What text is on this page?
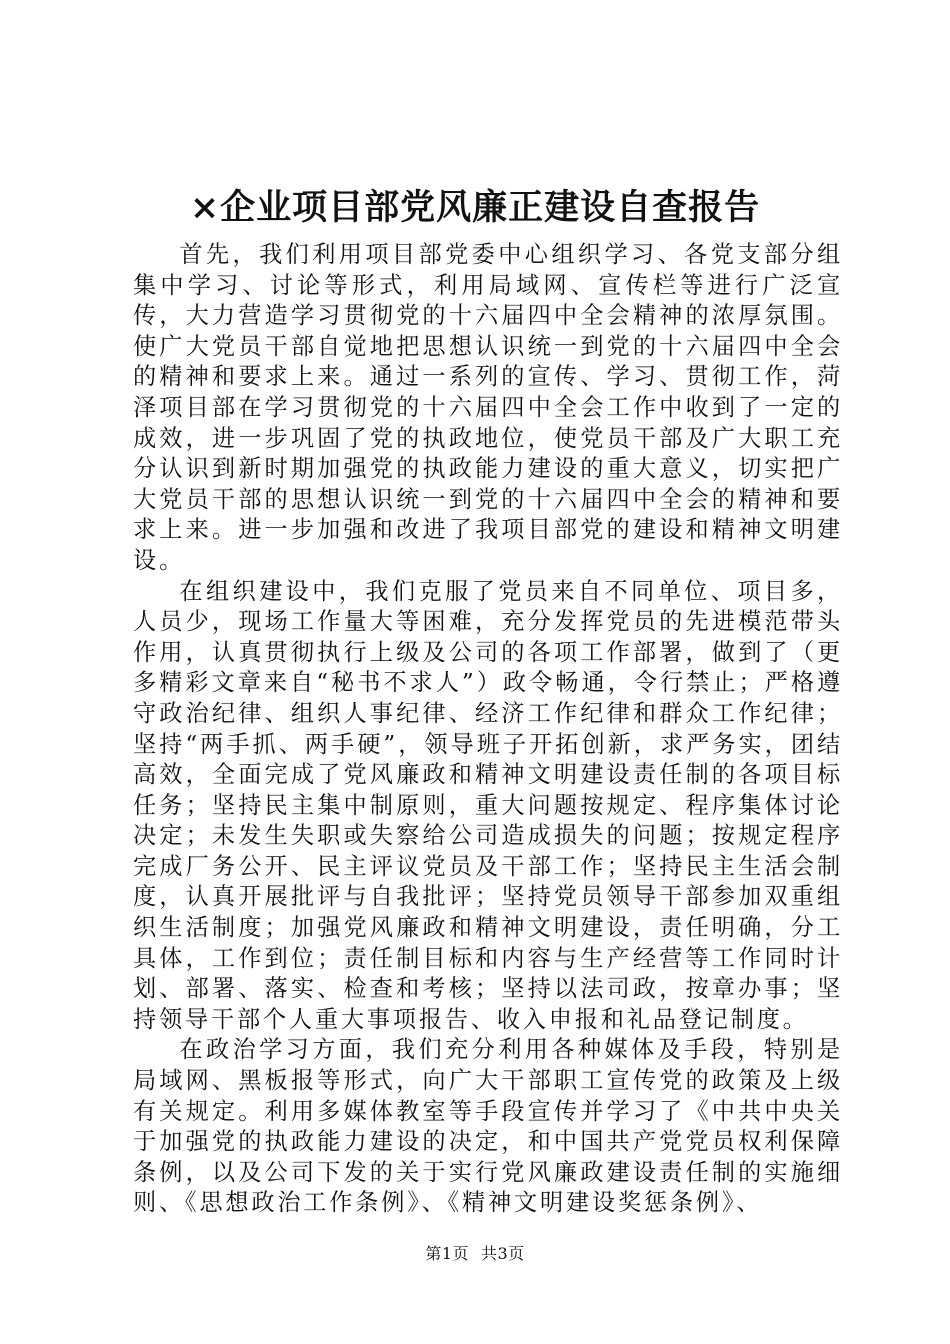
×企业项目部党风廉正建设自查报告

首先，我们利用项目部党委中心组织学习、各党支部分组集中学习、讨论等形式，利用局域网、宣传栏等进行广泛宣传，大力营造学习贯彻党的十六届四中全会精神的浓厚氛围。使广大党员干部自觉地把思想认识统一到党的十六届四中全会的精神和要求上来。通过一系列的宣传、学习、贯彻工作，菏泽项目部在学习贯彻党的十六届四中全会工作中收到了一定的成效，进一步巩固了党的执政地位，使党员干部及广大职工充分认识到新时期加强党的执政能力建设的重大意义，切实把广大党员干部的思想认识统一到党的十六届四中全会的精神和要求上来。进一步加强和改进了我项目部党的建设和精神文明建设。

在组织建设中，我们克服了党员来自不同单位、项目多，人员少，现场工作量大等困难，充分发挥党员的先进模范带头作用，认真贯彻执行上级及公司的各项工作部署，做到了（更多精彩文章来自“秘书不求人”）政令畅通，令行禁止；严格遵守政治纪律、组织人事纪律、经济工作纪律和群众工作纪律；坚持“两手抓、两手硬”，领导班子开拓创新，求严务实，团结高效，全面完成了党风廉政和精神文明建设责任制的各项目标任务；坚持民主集中制原则，重大问题按规定、程序集体讨论决定；未发生失职或失察给公司造成损失的问题；按规定程序完成厂务公开、民主评议党员及干部工作；坚持民主生活会制度，认真开展批评与自我批评；坚持党员领导干部参加双重组织生活制度；加强党风廉政和精神文明建设，责任明确，分工具体，工作到位；责任制目标和内容与生产经营等工作同时计划、部署、落实、检查和考核；坚持以法司政，按章办事；坚持领导干部个人重大事项报告、收入申报和礼品登记制度。

在政治学习方面，我们充分利用各种媒体及手段，特别是局域网、黑板报等形式，向广大干部职工宣传党的政策及上级有关规定。利用多媒体教室等手段宣传并学习了《中共中央关于加强党的执政能力建设的决定，和中国共产党党员权利保障条例，以及公司下发的关于实行党风廉政建设责任制的实施细则、《思想政治工作条例》、《精神文明建设奖惩条例》、

第1页 共3页
